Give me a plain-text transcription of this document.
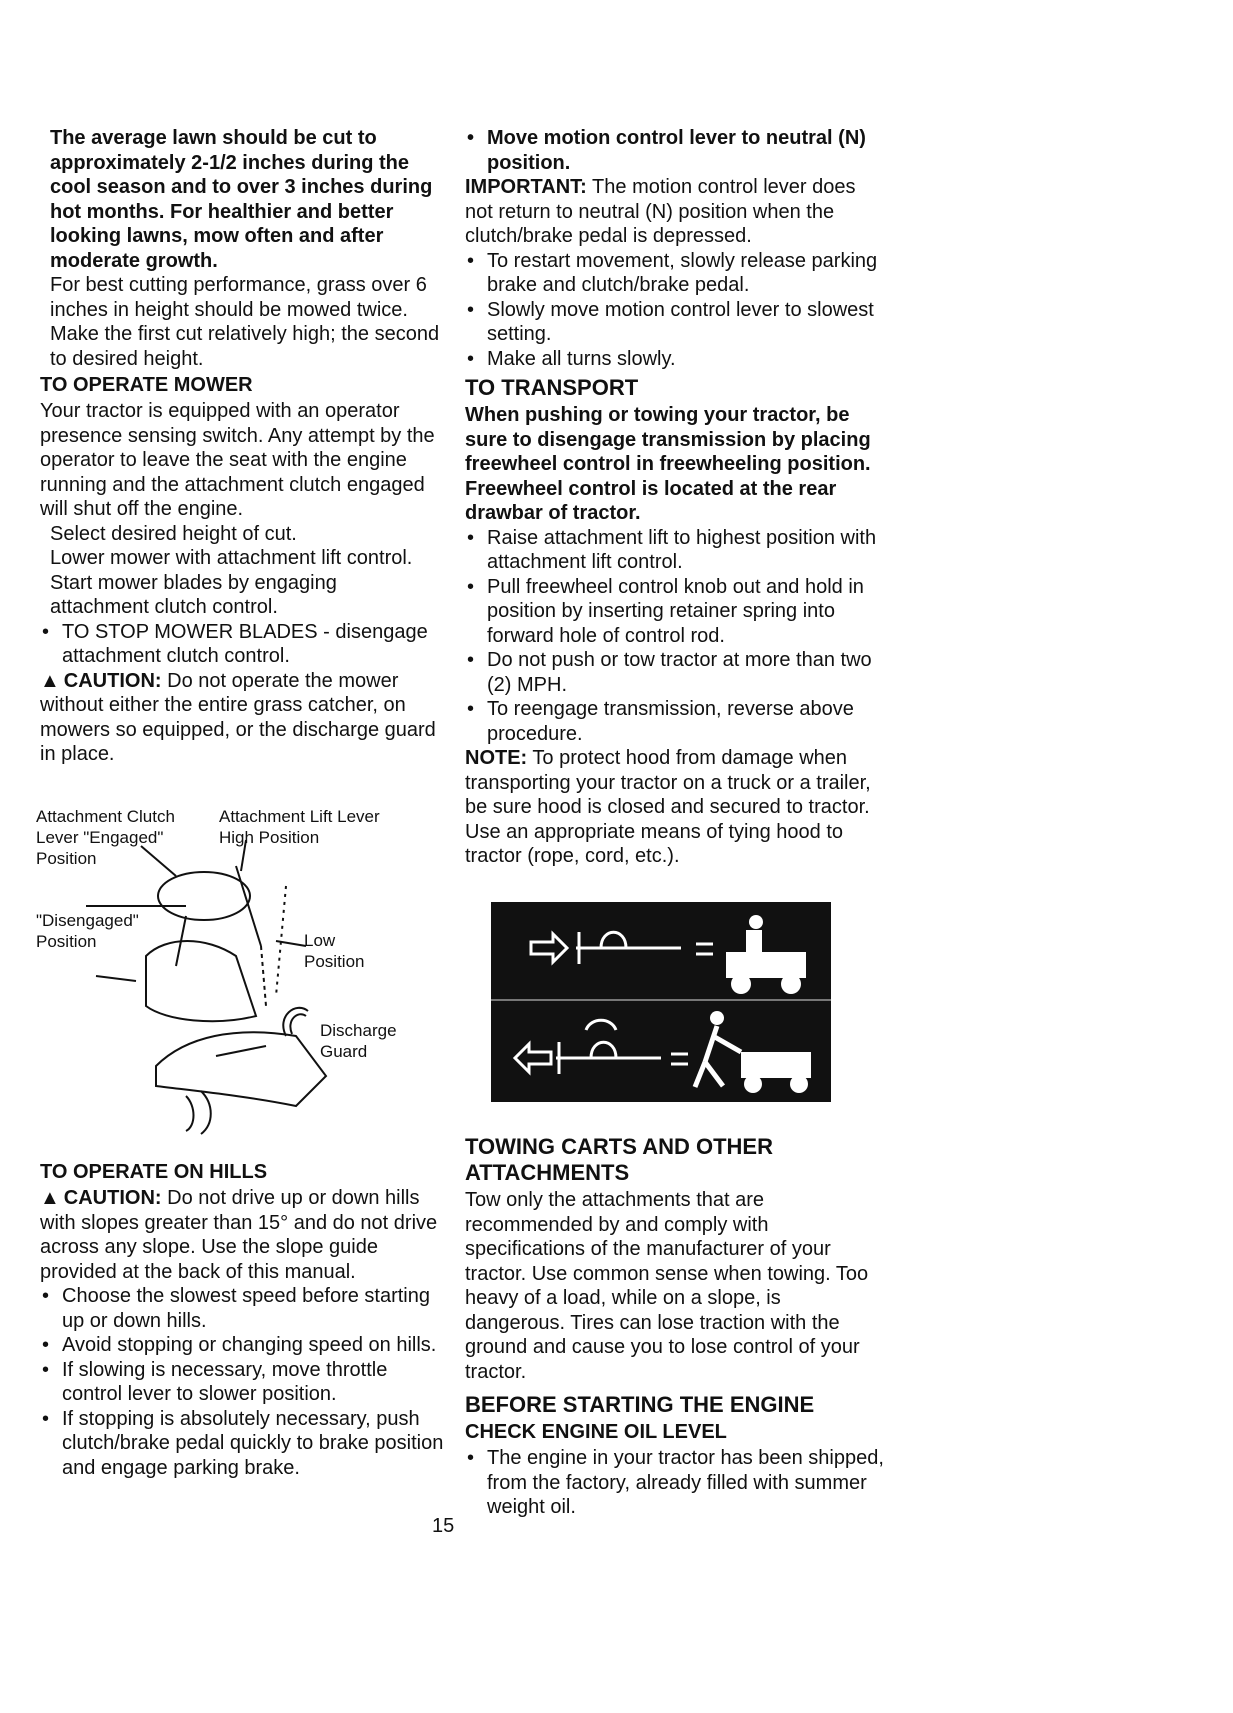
The average lawn should be cut to approximately 2-1/2 inches during the cool season and to over 3 inches during hot months. For healthier and better looking lawns, mow often and after moderate growth.

For best cutting performance, grass over 6 inches in height should be mowed twice. Make the first cut relatively high; the second to desired height.

TO OPERATE MOWER

Your tractor is equipped with an operator presence sensing switch. Any attempt by the operator to leave the seat with the engine running and the attachment clutch engaged will shut off the engine.

Select desired height of cut.

Lower mower with attachment lift control.

Start mower blades by engaging attachment clutch control.

• TO STOP MOWER BLADES - disengage attachment clutch control.

▲ CAUTION: Do not operate the mower without either the entire grass catcher, on mowers so equipped, or the discharge guard in place.

Attachment Clutch Lever "Engaged" Position
Attachment Lift Lever High Position
"Disengaged" Position	Low Position
Discharge Guard
TO OPERATE ON HILLS

▲ CAUTION: Do not drive up or down hills with slopes greater than 15° and do not drive across any slope. Use the slope guide provided at the back of this manual.

• Choose the slowest speed before starting up or down hills.
• Avoid stopping or changing speed on hills.
• If slowing is necessary, move throttle control lever to slower position.
• If stopping is absolutely necessary, push clutch/brake pedal quickly to brake position and engage parking brake.
• Move motion control lever to neutral (N) position.

IMPORTANT: The motion control lever does not return to neutral (N) position when the clutch/brake pedal is depressed.

• To restart movement, slowly release parking brake and clutch/brake pedal.
• Slowly move motion control lever to slowest setting.
• Make all turns slowly.
TO TRANSPORT

When pushing or towing your tractor, be sure to disengage transmission by placing freewheel control in freewheeling position. Freewheel control is located at the rear drawbar of tractor.

• Raise attachment lift to highest position with attachment lift control.
• Pull freewheel control knob out and hold in position by inserting retainer spring into forward hole of control rod.
• Do not push or tow tractor at more than two (2) MPH.
• To reengage transmission, reverse above procedure.

NOTE: To protect hood from damage when transporting your tractor on a truck or a trailer, be sure hood is closed and secured to tractor. Use an appropriate means of tying hood to tractor (rope, cord, etc.).

TOWING CARTS AND OTHER ATTACHMENTS

Tow only the attachments that are recommended by and comply with specifications of the manufacturer of your tractor. Use common sense when towing. Too heavy of a load, while on a slope, is dangerous. Tires can lose traction with the ground and cause you to lose control of your tractor.

BEFORE STARTING THE ENGINE
CHECK ENGINE OIL LEVEL
• The engine in your tractor has been shipped, from the factory, already filled with summer weight oil.
15
